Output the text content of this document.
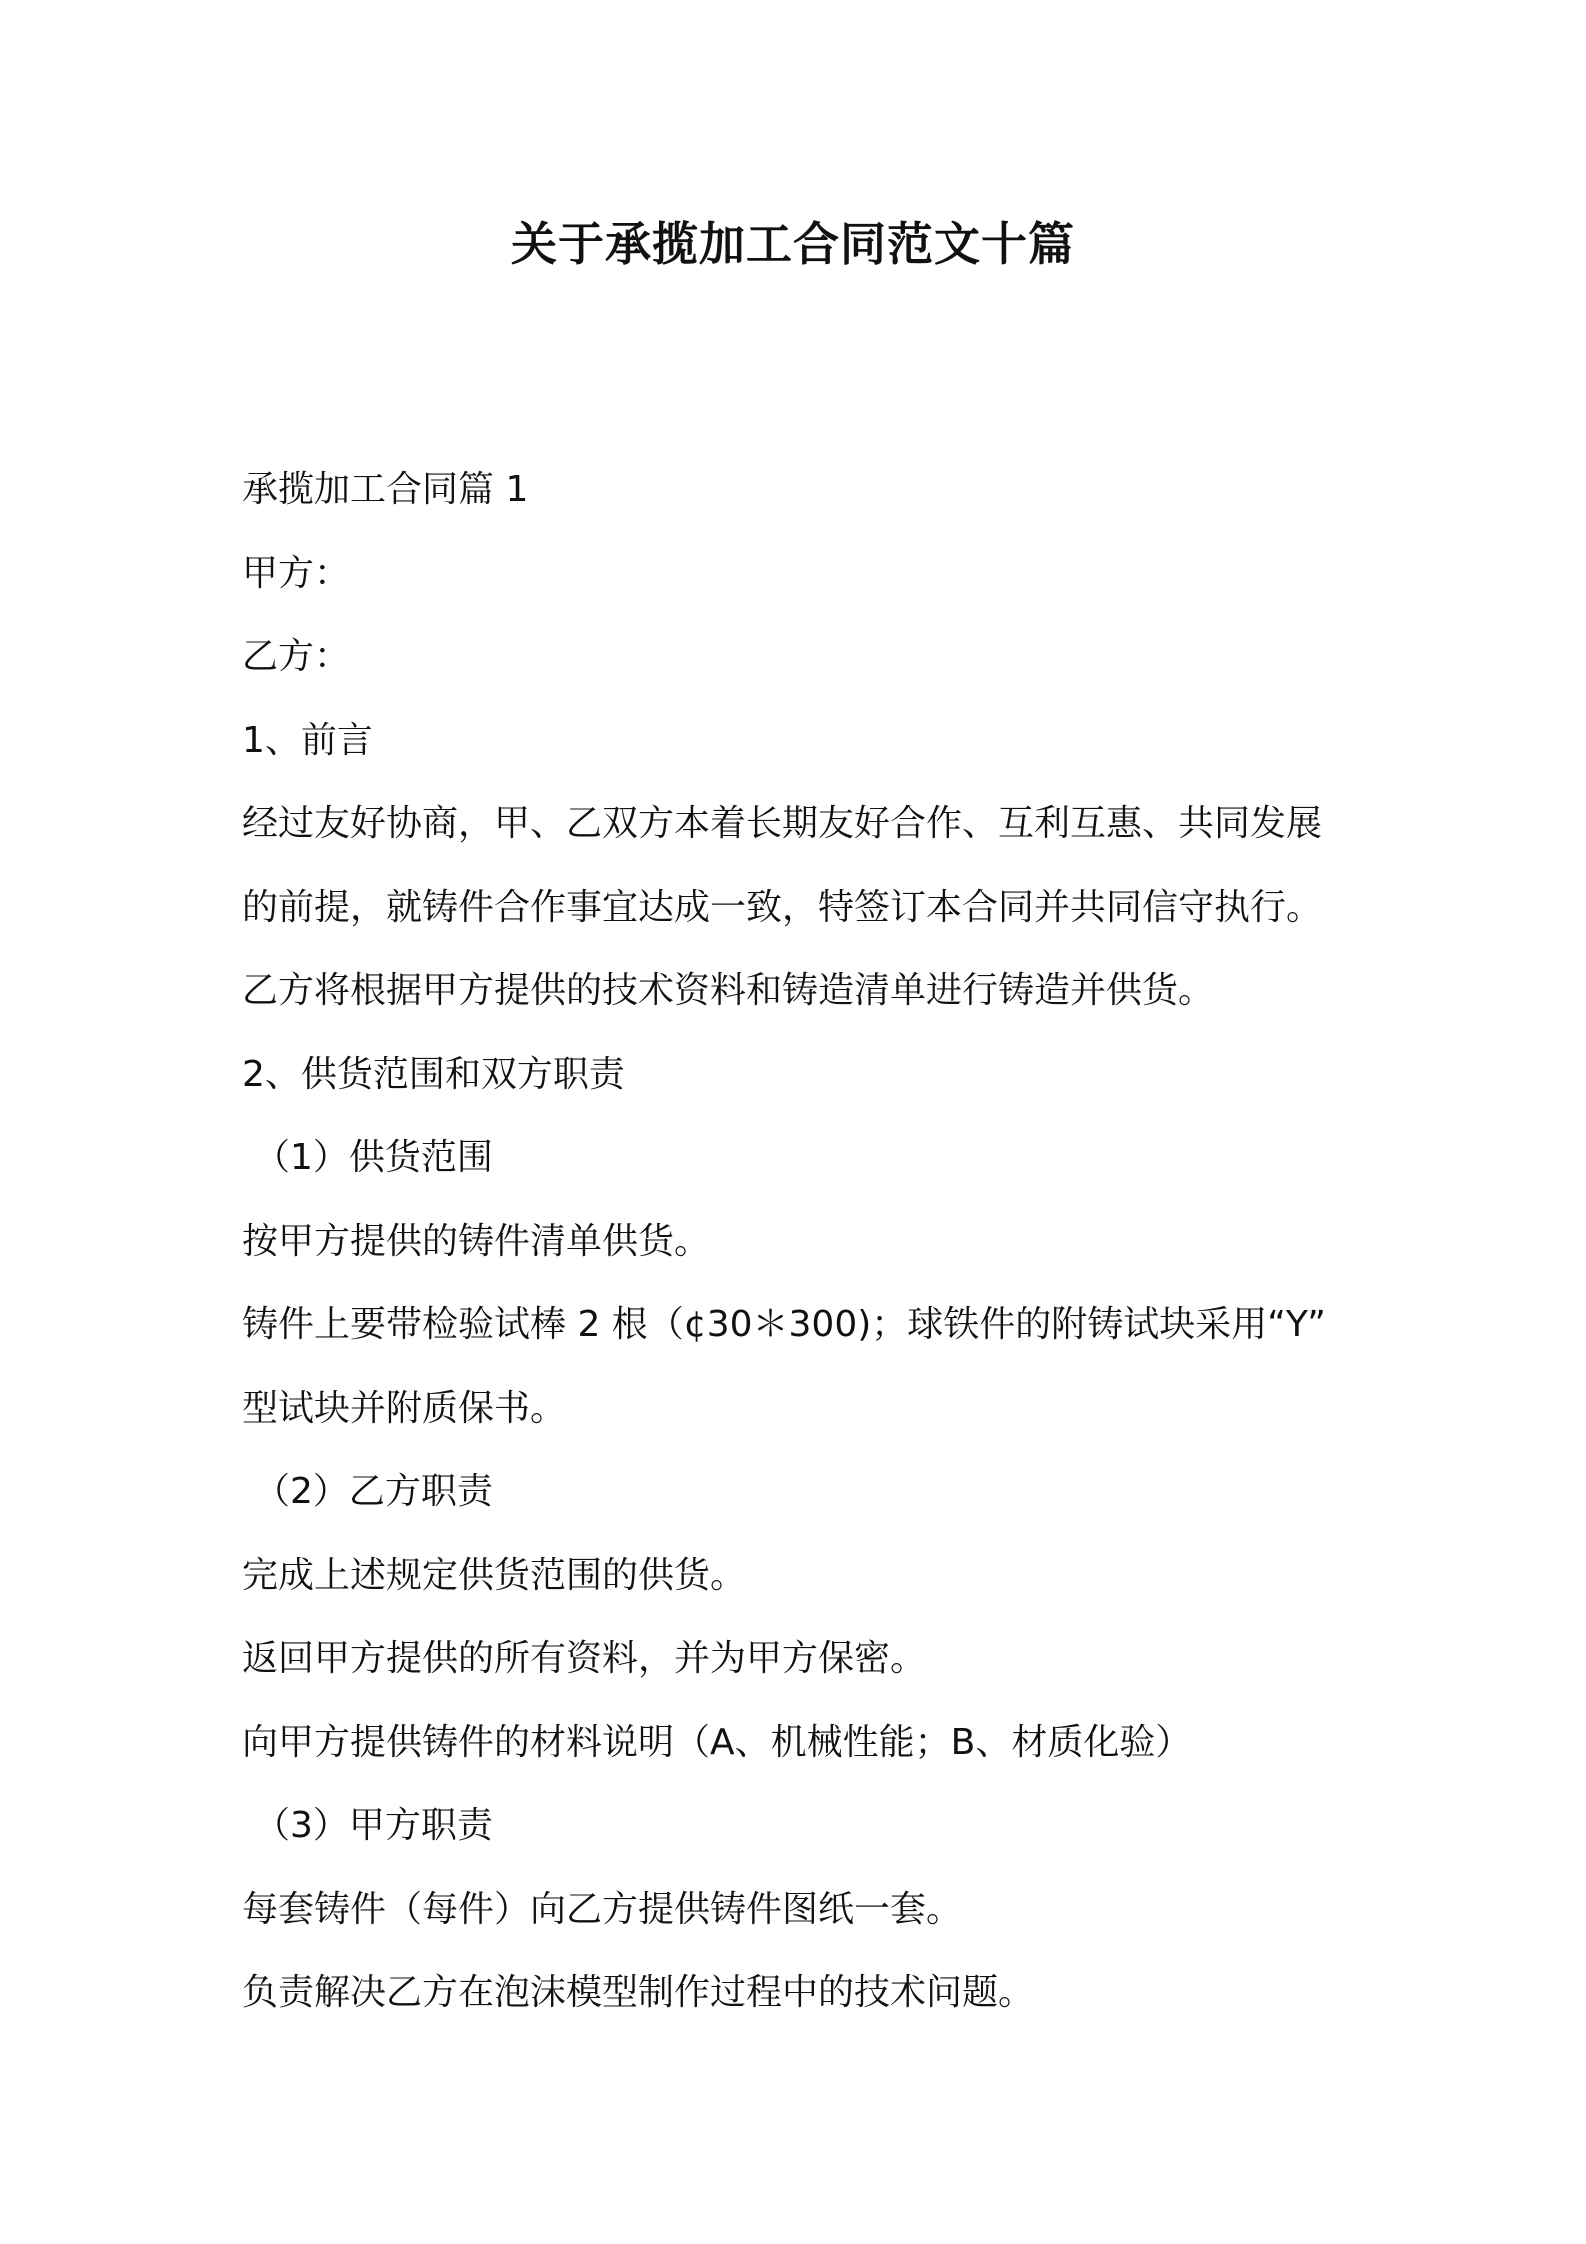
关于承揽加工合同范文十篇
承揽加工合同篇 1
甲方：
乙方：
1、前言
经过友好协商，甲、乙双方本着长期友好合作、互利互惠、共同发展
的前提，就铸件合作事宜达成一致，特签订本合同并共同信守执行。
乙方将根据甲方提供的技术资料和铸造清单进行铸造并供货。
2、供货范围和双方职责
（1）供货范围
按甲方提供的铸件清单供货。
铸件上要带检验试棒 2 根（¢30＊300)；球铁件的附铸试块采用“Y”
型试块并附质保书。
（2）乙方职责
完成上述规定供货范围的供货。
返回甲方提供的所有资料，并为甲方保密。
向甲方提供铸件的材料说明（A、机械性能；B、材质化验）
（3）甲方职责
每套铸件（每件）向乙方提供铸件图纸一套。
负责解决乙方在泡沫模型制作过程中的技术问题。
